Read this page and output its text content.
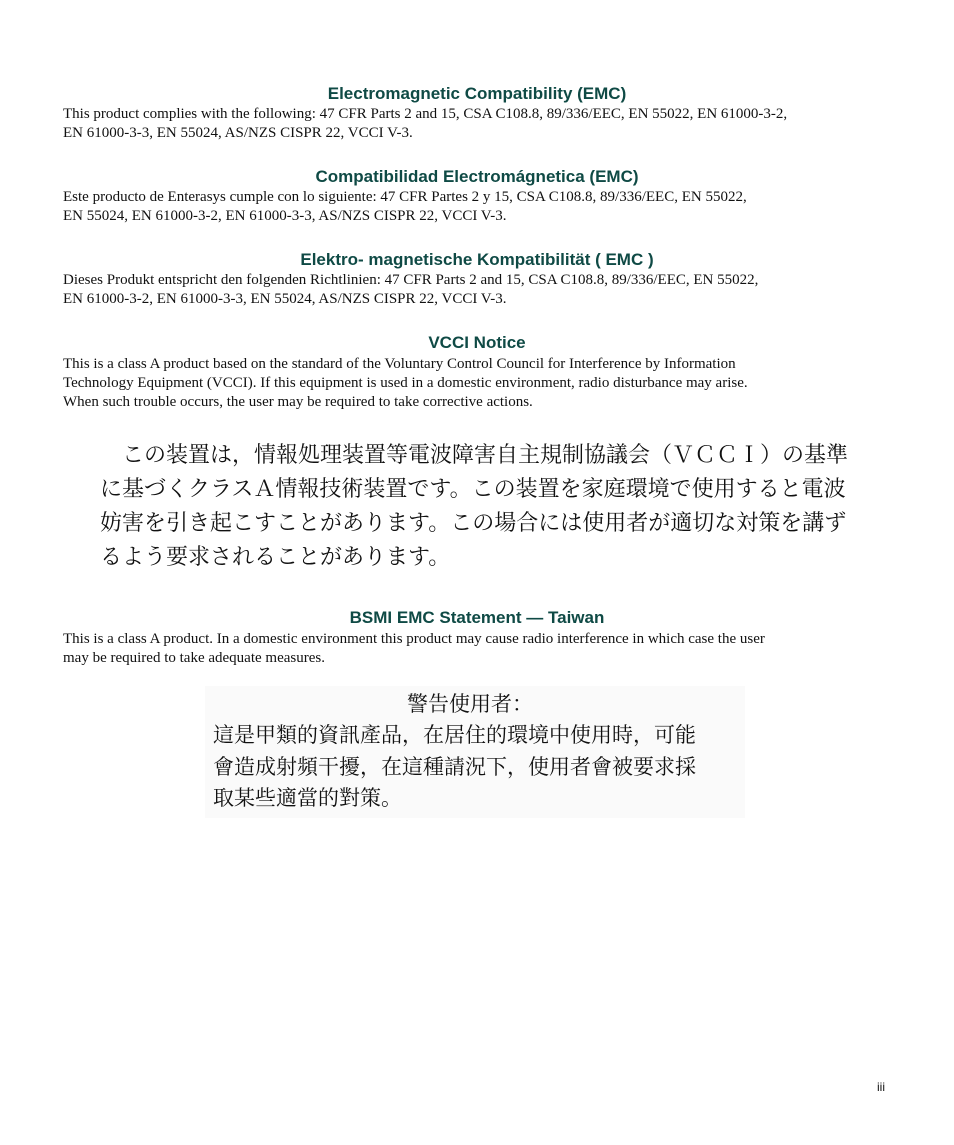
Electromagnetic Compatibility (EMC)

This product complies with the following: 47 CFR Parts 2 and 15, CSA C108.8, 89/336/EEC, EN 55022, EN 61000-3-2,
EN 61000-3-3, EN 55024, AS/NZS CISPR 22, VCCI V-3.

Compatibilidad Electromágnetica (EMC)

Este producto de Enterasys cumple con lo siguiente: 47 CFR Partes 2 y 15, CSA C108.8, 89/336/EEC, EN 55022,
EN 55024, EN 61000-3-2, EN 61000-3-3, AS/NZS CISPR 22, VCCI V-3.

Elektro- magnetische Kompatibilität ( EMC )

Dieses Produkt entspricht den folgenden Richtlinien: 47 CFR Parts 2 and 15, CSA C108.8, 89/336/EEC, EN 55022,
EN 61000-3-2, EN 61000-3-3, EN 55024, AS/NZS CISPR 22, VCCI V-3.

VCCI Notice

This is a class A product based on the standard of the Voluntary Control Council for Interference by Information
Technology Equipment (VCCI). If this equipment is used in a domestic environment, radio disturbance may arise.
When such trouble occurs, the user may be required to take corrective actions.

　この装置は，情報処理装置等電波障害自主規制協議会（ＶＣＣＩ）の基準
に基づくクラスＡ情報技術装置です。この装置を家庭環境で使用すると電波
妨害を引き起こすことがあります。この場合には使用者が適切な対策を講ず
るよう要求されることがあります。
BSMI EMC Statement — Taiwan

This is a class A product. In a domestic environment this product may cause radio interference in which case the user
may be required to take adequate measures.

警告使用者：
這是甲類的資訊產品，在居住的環境中使用時，可能
會造成射頻干擾，在這種請況下，使用者會被要求採
取某些適當的對策。
iii
